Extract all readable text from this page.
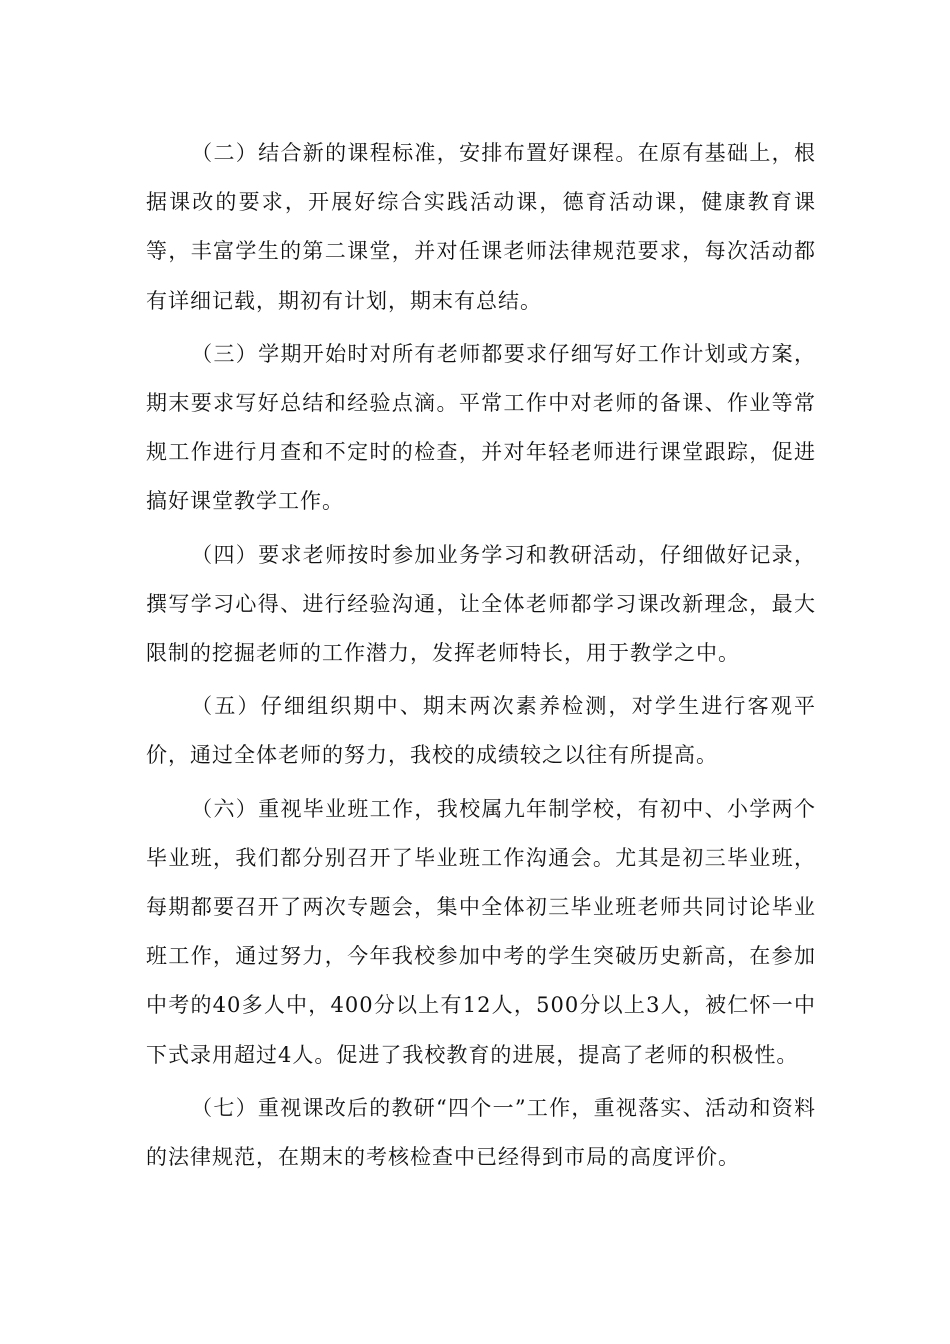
（二）结合新的课程标准，安排布置好课程。在原有基础上，根据课改的要求，开展好综合实践活动课，德育活动课，健康教育课等，丰富学生的第二课堂，并对任课老师法律规范要求，每次活动都有详细记载，期初有计划，期末有总结。

（三）学期开始时对所有老师都要求仔细写好工作计划或方案，期末要求写好总结和经验点滴。平常工作中对老师的备课、作业等常规工作进行月查和不定时的检查，并对年轻老师进行课堂跟踪，促进搞好课堂教学工作。

（四）要求老师按时参加业务学习和教研活动，仔细做好记录，撰写学习心得、进行经验沟通，让全体老师都学习课改新理念，最大限制的挖掘老师的工作潜力，发挥老师特长，用于教学之中。

（五）仔细组织期中、期末两次素养检测，对学生进行客观平价，通过全体老师的努力，我校的成绩较之以往有所提高。

（六）重视毕业班工作，我校属九年制学校，有初中、小学两个毕业班，我们都分别召开了毕业班工作沟通会。尤其是初三毕业班，每期都要召开了两次专题会，集中全体初三毕业班老师共同讨论毕业班工作，通过努力，今年我校参加中考的学生突破历史新高，在参加中考的40多人中，400分以上有12人，500分以上3人，被仁怀一中下式录用超过4人。促进了我校教育的进展，提高了老师的积极性。

（七）重视课改后的教研“四个一”工作，重视落实、活动和资料的法律规范，在期末的考核检查中已经得到市局的高度评价。
